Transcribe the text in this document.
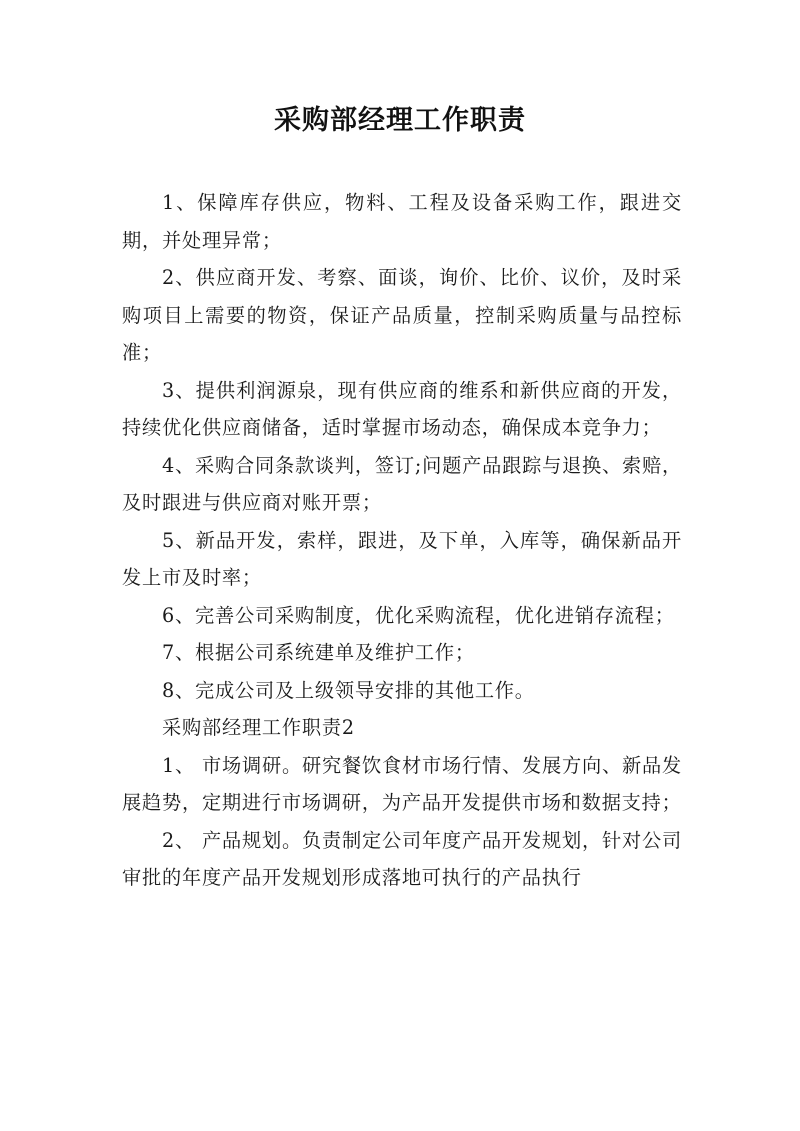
采购部经理工作职责

1、保障库存供应，物料、工程及设备采购工作，跟进交期，并处理异常；

2、供应商开发、考察、面谈，询价、比价、议价，及时采购项目上需要的物资，保证产品质量，控制采购质量与品控标准；

3、提供利润源泉，现有供应商的维系和新供应商的开发，持续优化供应商储备，适时掌握市场动态，确保成本竞争力；

4、采购合同条款谈判，签订;问题产品跟踪与退换、索赔，及时跟进与供应商对账开票；

5、新品开发，索样，跟进，及下单，入库等，确保新品开发上市及时率；

6、完善公司采购制度，优化采购流程，优化进销存流程；

7、根据公司系统建单及维护工作；

8、完成公司及上级领导安排的其他工作。

采购部经理工作职责2

1、 市场调研。研究餐饮食材市场行情、发展方向、新品发展趋势，定期进行市场调研，为产品开发提供市场和数据支持；

2、 产品规划。负责制定公司年度产品开发规划，针对公司审批的年度产品开发规划形成落地可执行的产品执行
